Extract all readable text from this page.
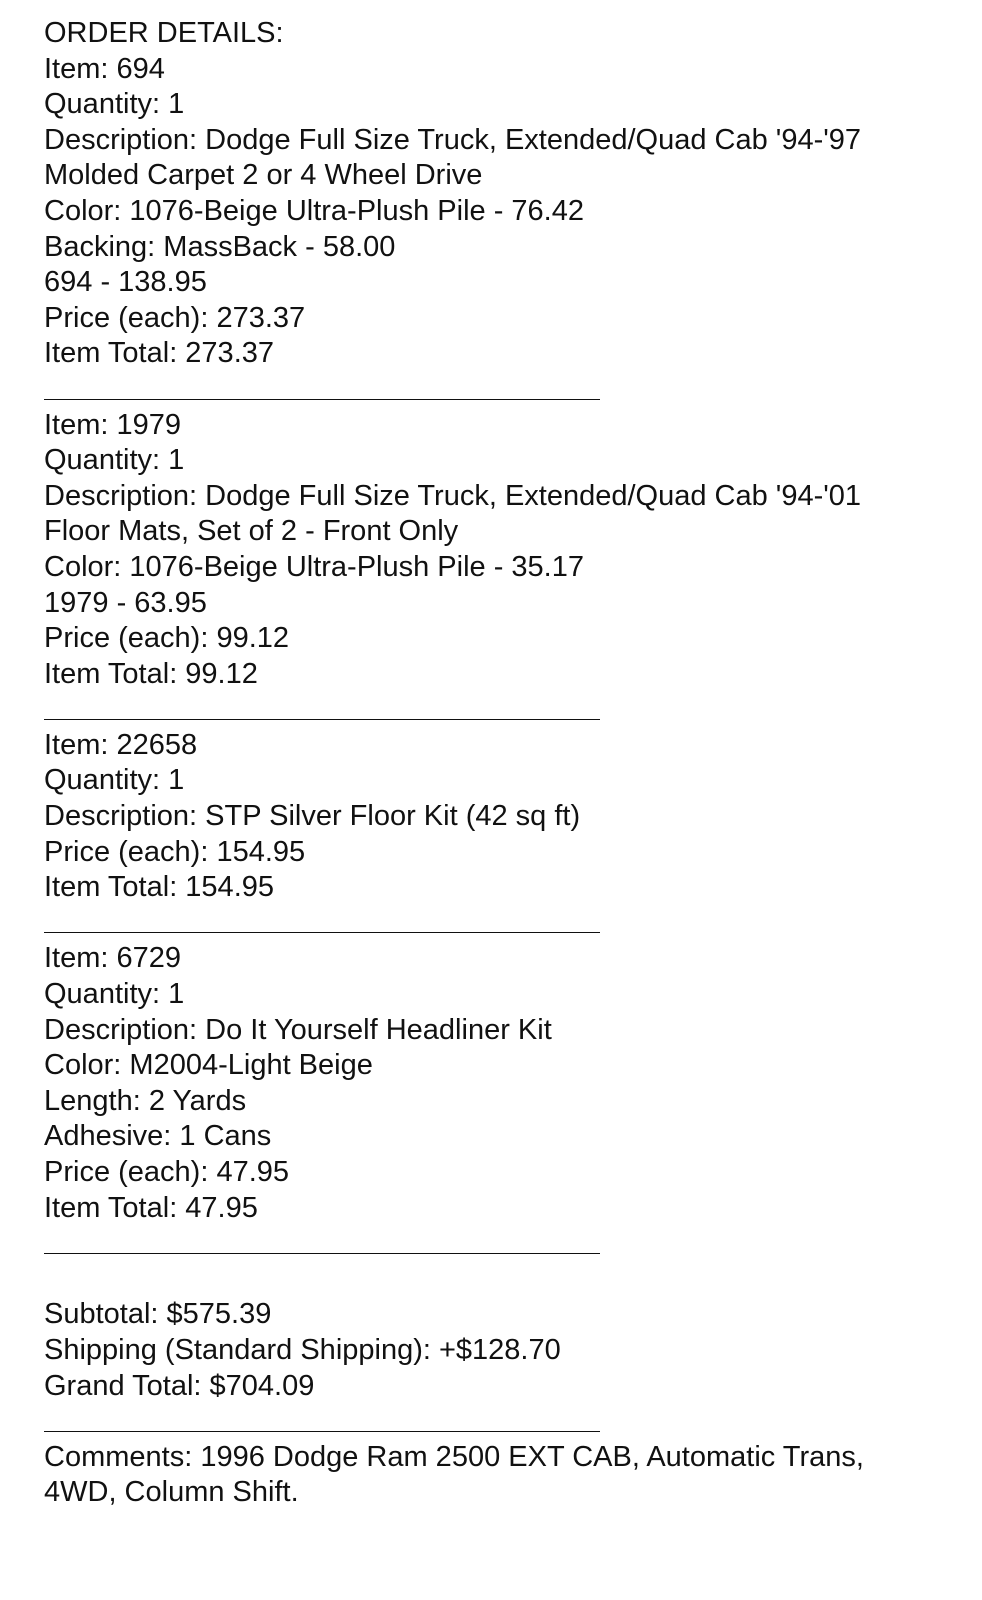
ORDER DETAILS:
Item: 694
Quantity: 1
Description: Dodge Full Size Truck, Extended/Quad Cab '94-'97
Molded Carpet 2 or 4 Wheel Drive
Color: 1076-Beige Ultra-Plush Pile - 76.42
Backing: MassBack - 58.00
694 - 138.95
Price (each): 273.37
Item Total: 273.37
Item: 1979
Quantity: 1
Description: Dodge Full Size Truck, Extended/Quad Cab '94-'01
Floor Mats, Set of 2 - Front Only
Color: 1076-Beige Ultra-Plush Pile - 35.17
1979 - 63.95
Price (each): 99.12
Item Total: 99.12
Item: 22658
Quantity: 1
Description: STP Silver Floor Kit (42 sq ft)
Price (each): 154.95
Item Total: 154.95
Item: 6729
Quantity: 1
Description: Do It Yourself Headliner Kit
Color: M2004-Light Beige
Length: 2 Yards
Adhesive: 1 Cans
Price (each): 47.95
Item Total: 47.95
Subtotal: $575.39
Shipping (Standard Shipping): +$128.70
Grand Total: $704.09
Comments: 1996 Dodge Ram 2500 EXT CAB, Automatic Trans,
4WD, Column Shift.
